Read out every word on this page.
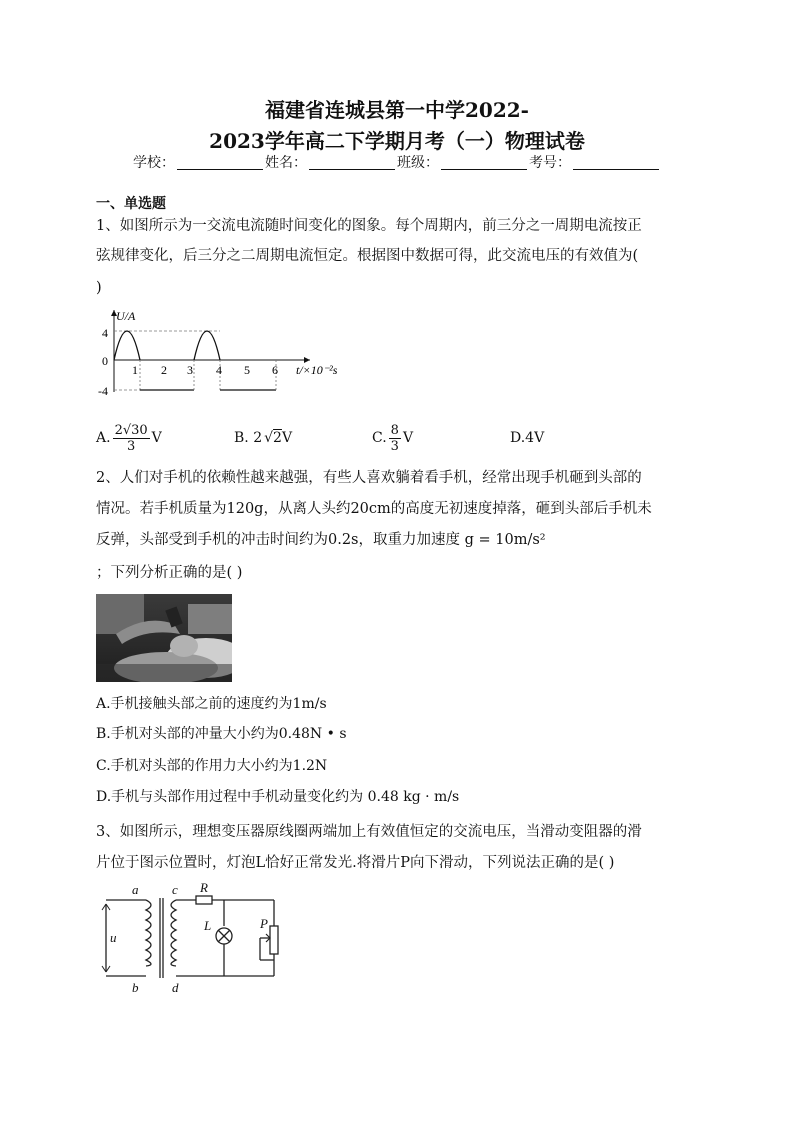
福建省连城县第一中学2022-
2023学年高二下学期月考（一）物理试卷
学校：	姓名：	班级：	考号：
一、单选题
1、如图所示为一交流电流随时间变化的图象。每个周期内，前三分之一周期电流按正
弦规律变化，后三分之二周期电流恒定。根据图中数据可得，此交流电压的有效值为(
)
U/A
4
0
-4
1 2 3 4 5 6 t/×10⁻²s
A. $\frac{2√30}{3}$ V	B. 2 √ 2 V	C. $\frac{8}{3}$ V	D.4V
2、人们对手机的依赖性越来越强，有些人喜欢躺着看手机，经常出现手机砸到头部的
情况。若手机质量为120g，从离人头约20cm的高度无初速度掉落，砸到头部后手机未
反弹，头部受到手机的冲击时间约为0.2s，取重力加速度 g = 10m/s²
；下列分析正确的是( )
A.手机接触头部之前的速度约为1m/s
B.手机对头部的冲量大小约为0.48N • s
C.手机对头部的作用力大小约为1.2N
D.手机与头部作用过程中手机动量变化约为 0.48 kg · m/s
3、如图所示，理想变压器原线圈两端加上有效值恒定的交流电压，当滑动变阻器的滑
片位于图示位置时，灯泡L恰好正常发光.将滑片P向下滑动，下列说法正确的是( )
a
b
c
d
u
R
L	P
